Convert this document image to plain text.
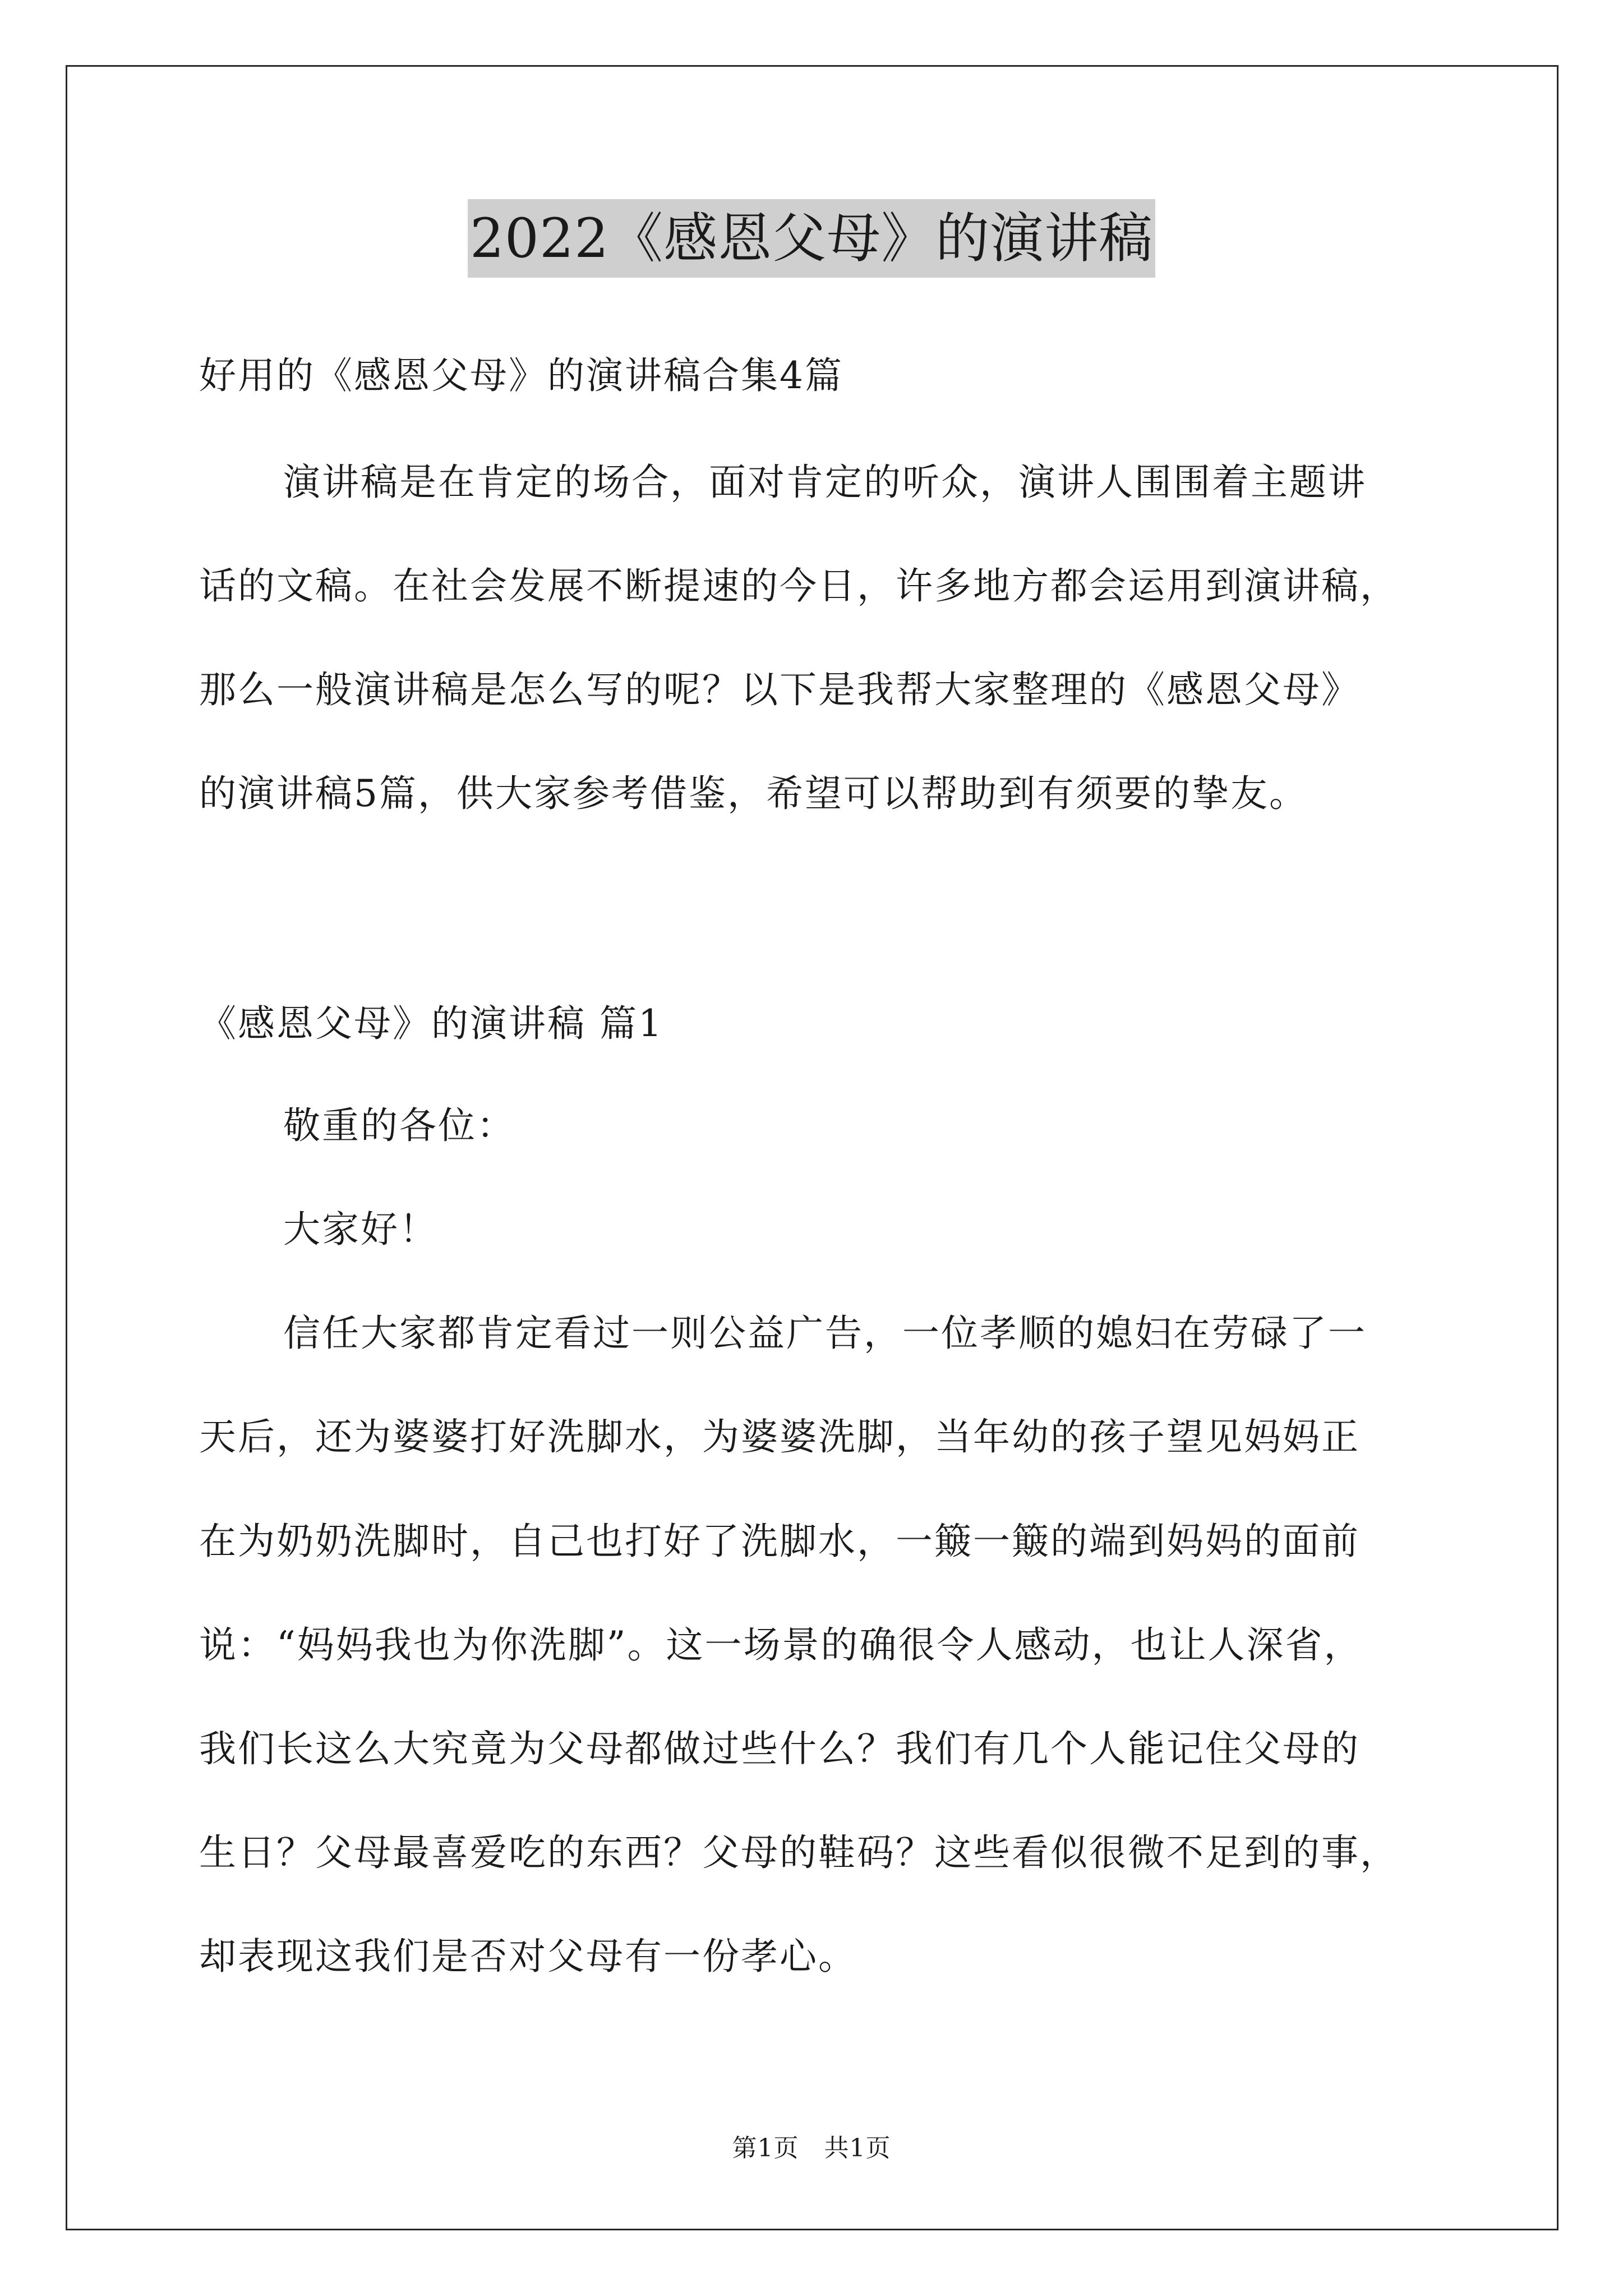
2022《感恩父母》的演讲稿
好用的《感恩父母》的演讲稿合集4篇
演讲稿是在肯定的场合，面对肯定的听众，演讲人围围着主题讲
话的文稿。在社会发展不断提速的今日，许多地方都会运用到演讲稿，
那么一般演讲稿是怎么写的呢？以下是我帮大家整理的《感恩父母》
的演讲稿5篇，供大家参考借鉴，希望可以帮助到有须要的挚友。
《感恩父母》的演讲稿 篇1
敬重的各位：
大家好！
信任大家都肯定看过一则公益广告，一位孝顺的媳妇在劳碌了一
天后，还为婆婆打好洗脚水，为婆婆洗脚，当年幼的孩子望见妈妈正
在为奶奶洗脚时，自己也打好了洗脚水，一簸一簸的端到妈妈的面前
说：“妈妈我也为你洗脚”。这一场景的确很令人感动，也让人深省，
我们长这么大究竟为父母都做过些什么？我们有几个人能记住父母的
生日？父母最喜爱吃的东西？父母的鞋码？这些看似很微不足到的事，
却表现这我们是否对父母有一份孝心。
第1页　共1页
